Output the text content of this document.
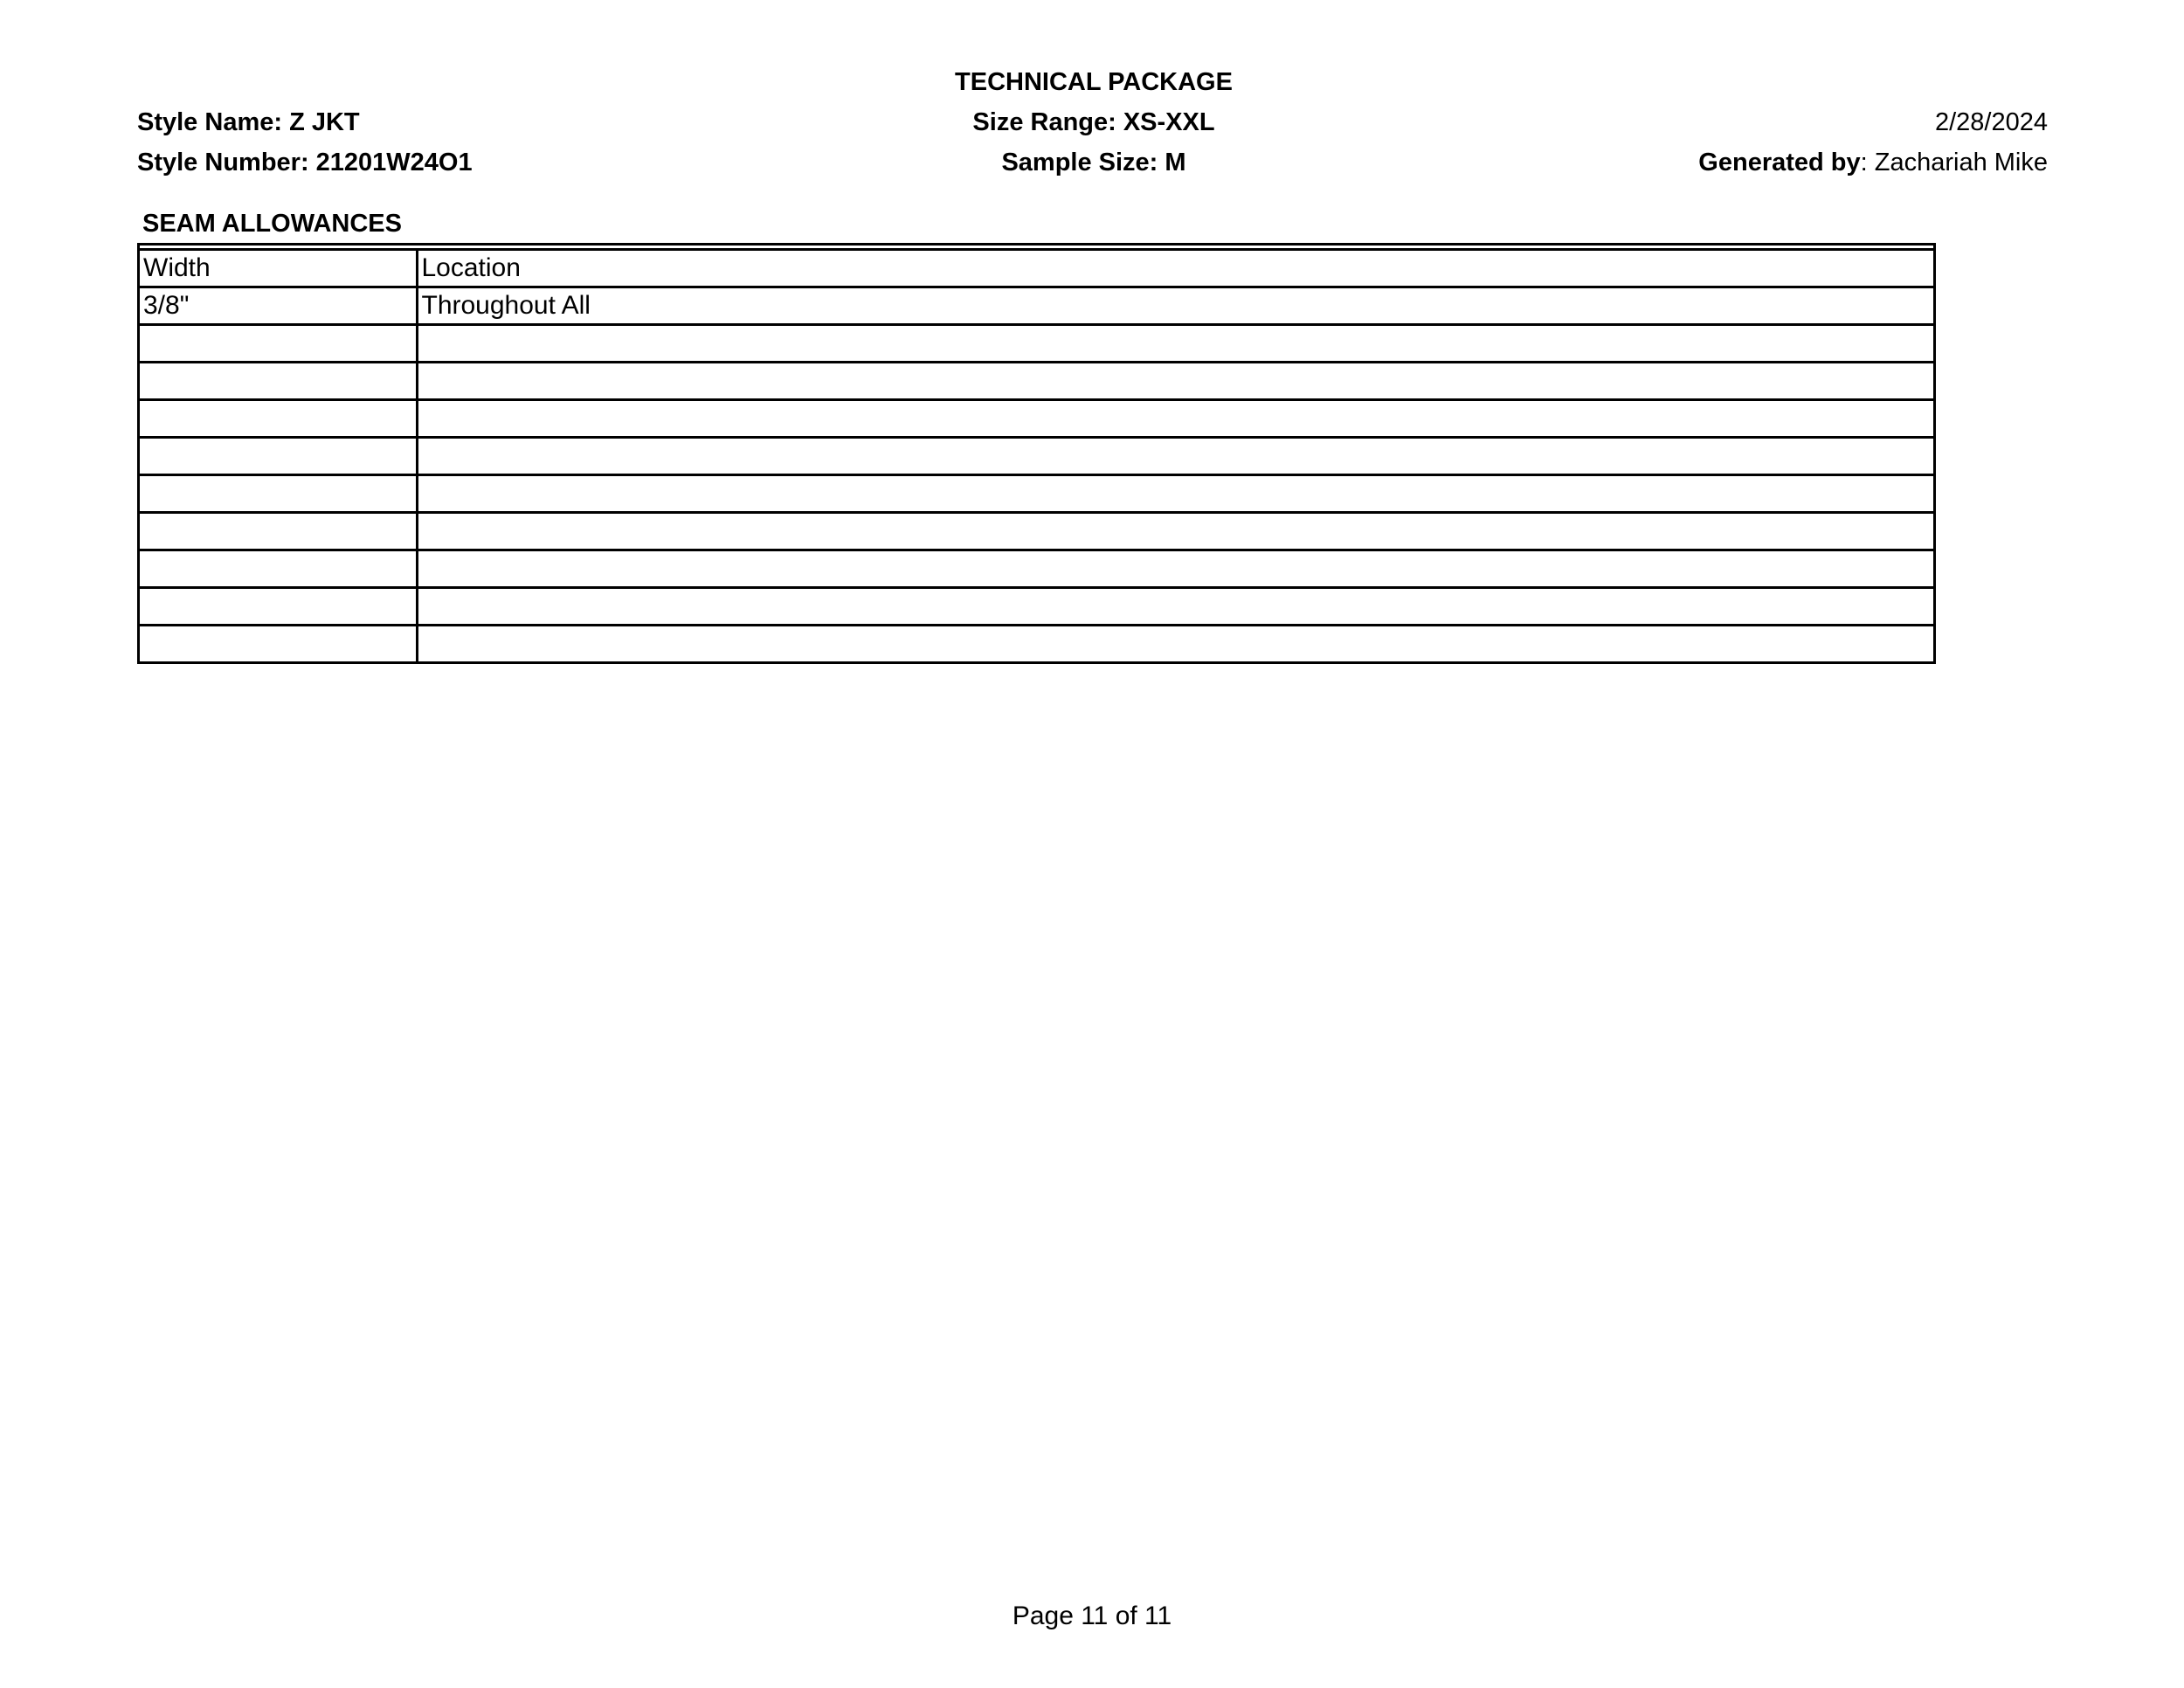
TECHNICAL PACKAGE
Size Range: XS-XXL
Sample Size: M
Style Name: Z JKT
Style Number: 21201W24O1
2/28/2024
Generated by: Zachariah Mike
SEAM ALLOWANCES
Width	Location
3/8"	Throughout All

Page 11 of 11
